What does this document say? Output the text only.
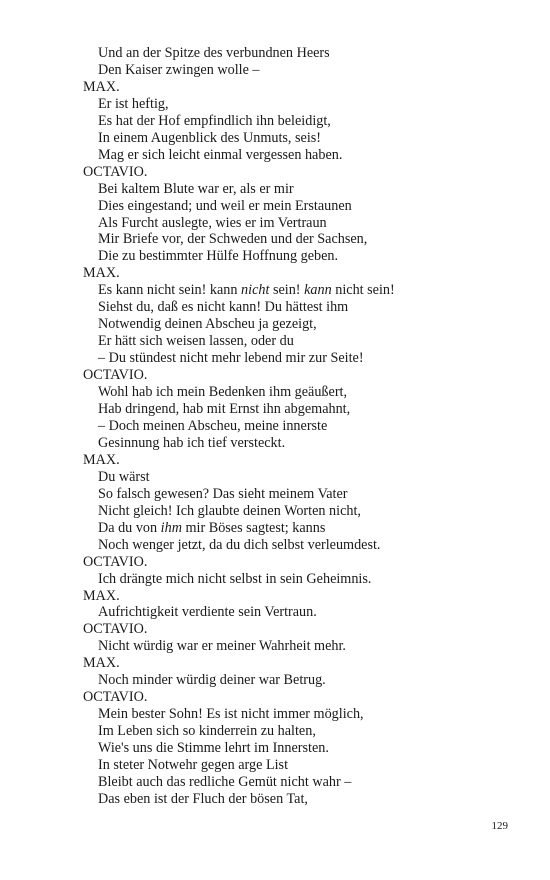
Und an der Spitze des verbundnen Heers
Den Kaiser zwingen wolle –
MAX.
Er ist heftig,
Es hat der Hof empfindlich ihn beleidigt,
In einem Augenblick des Unmuts, seis!
Mag er sich leicht einmal vergessen haben.
OCTAVIO.
Bei kaltem Blute war er, als er mir
Dies eingestand; und weil er mein Erstaunen
Als Furcht auslegte, wies er im Vertraun
Mir Briefe vor, der Schweden und der Sachsen,
Die zu bestimmter Hülfe Hoffnung geben.
MAX.
Es kann nicht sein! kann nicht sein! kann nicht sein!
Siehst du, daß es nicht kann! Du hättest ihm
Notwendig deinen Abscheu ja gezeigt,
Er hätt sich weisen lassen, oder du
– Du stündest nicht mehr lebend mir zur Seite!
OCTAVIO.
Wohl hab ich mein Bedenken ihm geäußert,
Hab dringend, hab mit Ernst ihn abgemahnt,
– Doch meinen Abscheu, meine innerste
Gesinnung hab ich tief versteckt.
MAX.
Du wärst
So falsch gewesen? Das sieht meinem Vater
Nicht gleich! Ich glaubte deinen Worten nicht,
Da du von ihm mir Böses sagtest; kanns
Noch wenger jetzt, da du dich selbst verleumdest.
OCTAVIO.
Ich drängte mich nicht selbst in sein Geheimnis.
MAX.
Aufrichtigkeit verdiente sein Vertraun.
OCTAVIO.
Nicht würdig war er meiner Wahrheit mehr.
MAX.
Noch minder würdig deiner war Betrug.
OCTAVIO.
Mein bester Sohn! Es ist nicht immer möglich,
Im Leben sich so kinderrein zu halten,
Wie's uns die Stimme lehrt im Innersten.
In steter Notwehr gegen arge List
Bleibt auch das redliche Gemüt nicht wahr –
Das eben ist der Fluch der bösen Tat,
129
